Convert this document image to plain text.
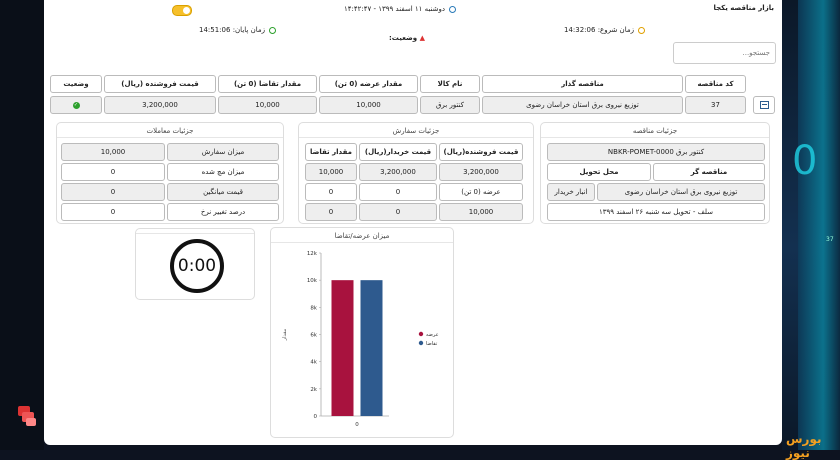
0
37
بورس نیوز
بازار مناقصه یکجا
دوشنبه ۱۱ اسفند ۱۳۹۹ - ۱۴:۴۲:۴۷
زمان شروع: 14:32:06
زمان پایان: 14:51:06
▲ وضعیت:
جستجو...
کد مناقصه
مناقصه گذار
نام کالا
مقدار عرضه (0 تن)
مقدار تقاضا (0 تن)
قیمت فروشنده (ریال)
وضعیت
37
توزیع نیروی برق استان خراسان رضوی
کنتور برق
10,000
10,000
3,200,000
✓
جزئیات مناقصه
NBKR-POMET-0000 کنتور برق
مناقصه گر
محل تحویل
توزیع نیروی برق استان خراسان رضوی
انبار خریدار
سلف - تحویل سه شنبه ۲۶ اسفند ۱۳۹۹
جزئیات سفارش
قیمت فروشنده(ریال)
قیمت خریدار(ریال)
مقدار تقاضا
3,200,000
3,200,000
10,000
عرضه (0 تن)
0
0
10,000
0
0
جزئیات معاملات
میزان سفارش
10,000
میزان مچ شده
0
قیمت میانگین
0
درصد تغییر نرخ
0
0:00
میزان عرضه/تقاضا
0
2k
4k
6k
8k
10k
12k
مقدار
0
عرضه
تقاضا
